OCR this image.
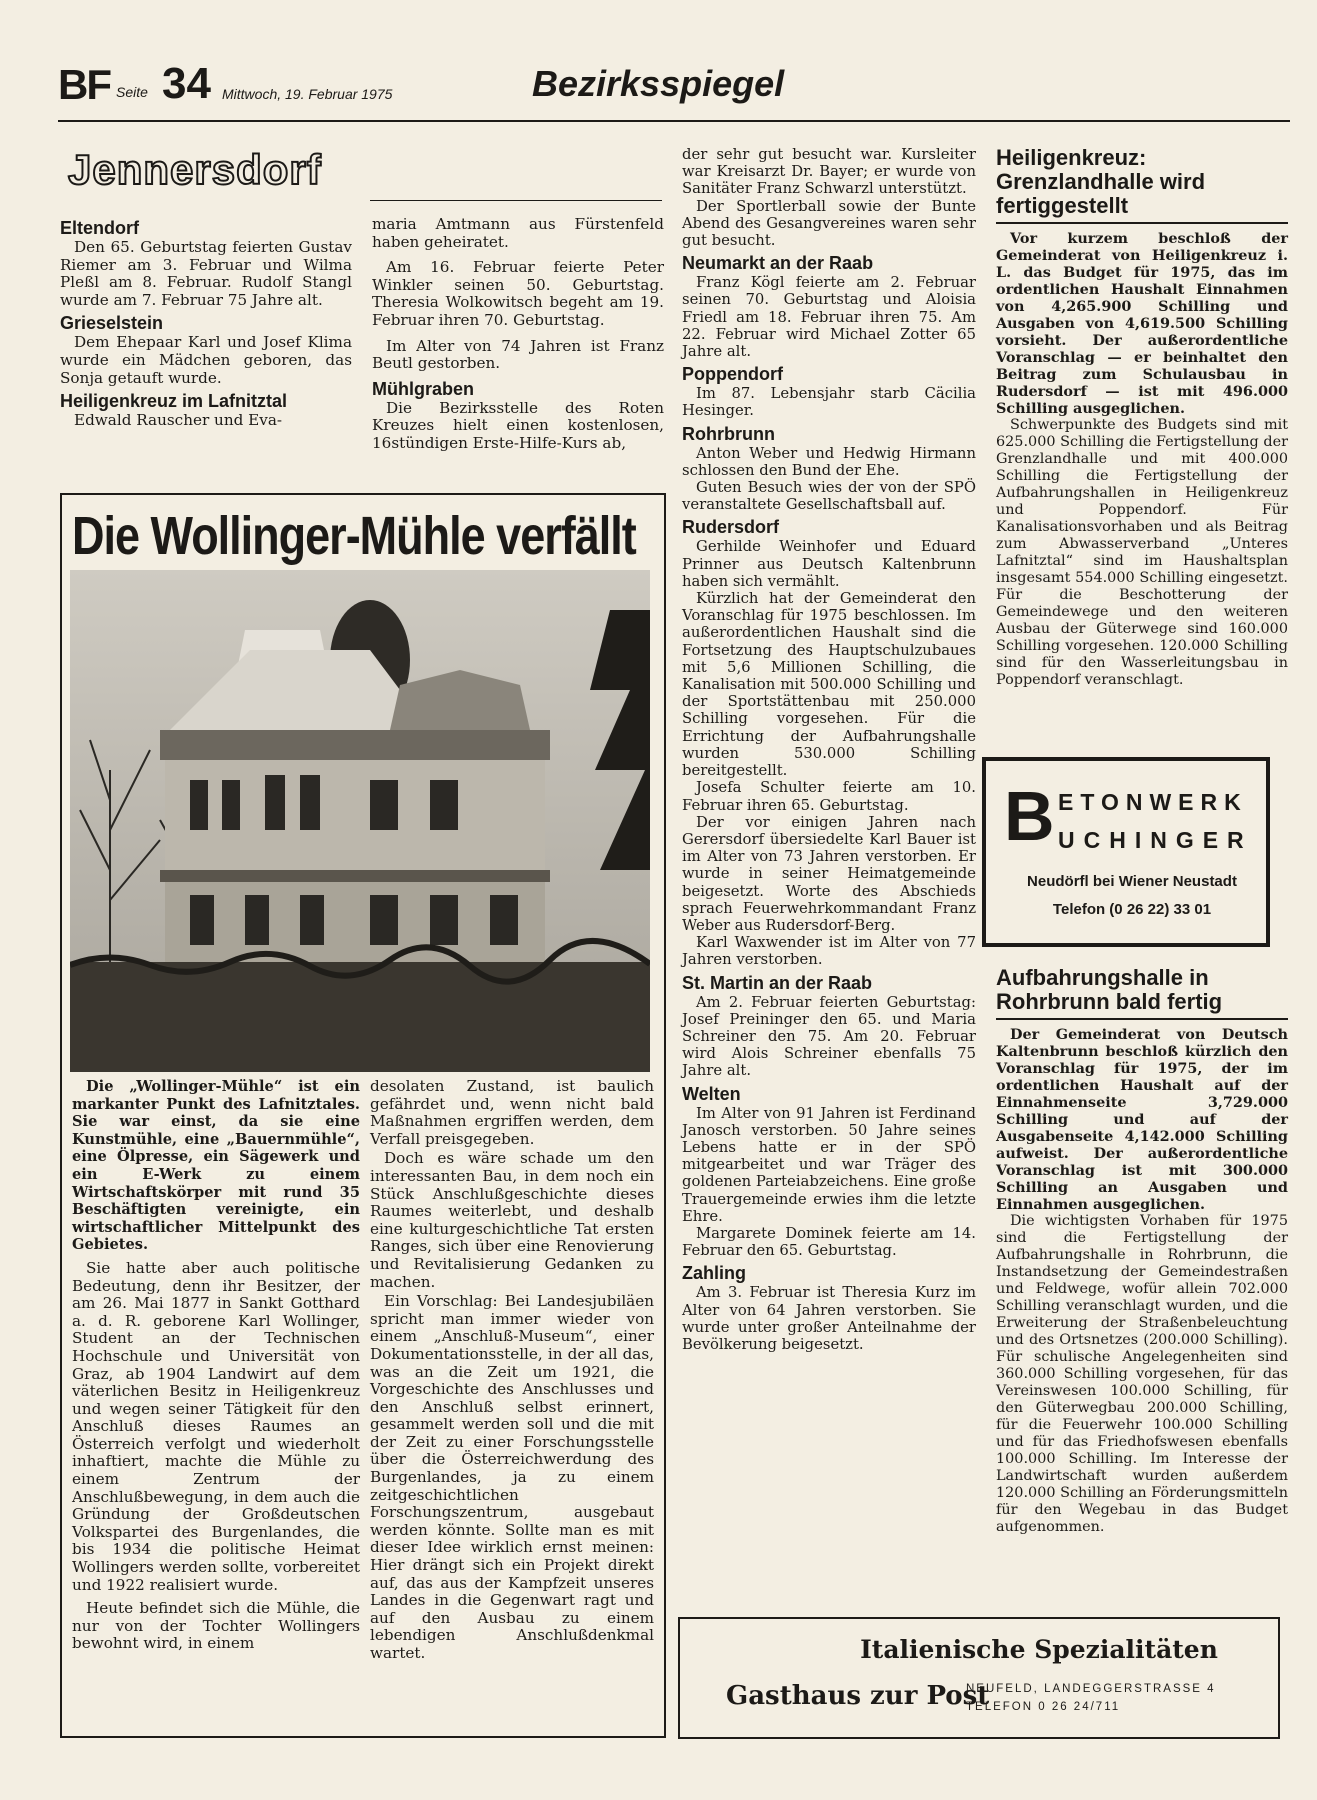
BF Seite 34 Mittwoch, 19. Februar 1975	Bezirksspiegel
Jennersdorf
Eltendorf

Den 65. Geburtstag feierten Gustav Riemer am 3. Februar und Wilma Pleßl am 8. Februar. Rudolf Stangl wurde am 7. Februar 75 Jahre alt.

Grieselstein

Dem Ehepaar Karl und Josef Klima wurde ein Mädchen geboren, das Sonja getauft wurde.

Heiligenkreuz im Lafnitztal

Edwald Rauscher und Eva-

maria Amtmann aus Fürstenfeld haben geheiratet.

Am 16. Februar feierte Peter Winkler seinen 50. Geburtstag. Theresia Wolkowitsch begeht am 19. Februar ihren 70. Geburtstag.

Im Alter von 74 Jahren ist Franz Beutl gestorben.

Mühlgraben

Die Bezirksstelle des Roten Kreuzes hielt einen kostenlosen, 16stündigen Erste-Hilfe-Kurs ab,

Die Wollinger-Mühle verfällt

Die „Wollinger-Mühle“ ist ein markanter Punkt des Lafnitztales. Sie war einst, da sie eine Kunstmühle, eine „Bauernmühle“, eine Ölpresse, ein Sägewerk und ein E-Werk zu einem Wirtschaftskörper mit rund 35 Beschäftigten vereinigte, ein wirtschaftlicher Mittelpunkt des Gebietes.

Sie hatte aber auch politische Bedeutung, denn ihr Besitzer, der am 26. Mai 1877 in Sankt Gotthard a. d. R. geborene Karl Wollinger, Student an der Technischen Hochschule und Universität von Graz, ab 1904 Landwirt auf dem väterlichen Besitz in Heiligenkreuz und wegen seiner Tätigkeit für den Anschluß dieses Raumes an Österreich verfolgt und wiederholt inhaftiert, machte die Mühle zu einem Zentrum der Anschlußbewegung, in dem auch die Gründung der Großdeutschen Volkspartei des Burgenlandes, die bis 1934 die politische Heimat Wollingers werden sollte, vorbereitet und 1922 realisiert wurde.

Heute befindet sich die Mühle, die nur von der Tochter Wollingers bewohnt wird, in einem

desolaten Zustand, ist baulich gefährdet und, wenn nicht bald Maßnahmen ergriffen werden, dem Verfall preisgegeben.

Doch es wäre schade um den interessanten Bau, in dem noch ein Stück Anschlußgeschichte dieses Raumes weiterlebt, und deshalb eine kulturgeschichtliche Tat ersten Ranges, sich über eine Renovierung und Revitalisierung Gedanken zu machen.

Ein Vorschlag: Bei Landesjubiläen spricht man immer wieder von einem „Anschluß-Museum“, einer Dokumentationsstelle, in der all das, was an die Zeit um 1921, die Vorgeschichte des Anschlusses und den Anschluß selbst erinnert, gesammelt werden soll und die mit der Zeit zu einer Forschungsstelle über die Österreichwerdung des Burgenlandes, ja zu einem zeitgeschichtlichen Forschungszentrum, ausgebaut werden könnte. Sollte man es mit dieser Idee wirklich ernst meinen: Hier drängt sich ein Projekt direkt auf, das aus der Kampfzeit unseres Landes in die Gegenwart ragt und auf den Ausbau zu einem lebendigen Anschlußdenkmal wartet.

der sehr gut besucht war. Kursleiter war Kreisarzt Dr. Bayer; er wurde von Sanitäter Franz Schwarzl unterstützt.

Der Sportlerball sowie der Bunte Abend des Gesangvereines waren sehr gut besucht.

Neumarkt an der Raab

Franz Kögl feierte am 2. Februar seinen 70. Geburtstag und Aloisia Friedl am 18. Februar ihren 75. Am 22. Februar wird Michael Zotter 65 Jahre alt.

Poppendorf

Im 87. Lebensjahr starb Cäcilia Hesinger.

Rohrbrunn

Anton Weber und Hedwig Hirmann schlossen den Bund der Ehe.

Guten Besuch wies der von der SPÖ veranstaltete Gesellschaftsball auf.

Rudersdorf

Gerhilde Weinhofer und Eduard Prinner aus Deutsch Kaltenbrunn haben sich vermählt.

Kürzlich hat der Gemeinderat den Voranschlag für 1975 beschlossen. Im außerordentlichen Haushalt sind die Fortsetzung des Hauptschulzubaues mit 5,6 Millionen Schilling, die Kanalisation mit 500.000 Schilling und der Sportstättenbau mit 250.000 Schilling vorgesehen. Für die Errichtung der Aufbahrungshalle wurden 530.000 Schilling bereitgestellt.

Josefa Schulter feierte am 10. Februar ihren 65. Geburtstag.

Der vor einigen Jahren nach Gerersdorf übersiedelte Karl Bauer ist im Alter von 73 Jahren verstorben. Er wurde in seiner Heimatgemeinde beigesetzt. Worte des Abschieds sprach Feuerwehrkommandant Franz Weber aus Rudersdorf-Berg.

Karl Waxwender ist im Alter von 77 Jahren verstorben.

St. Martin an der Raab

Am 2. Februar feierten Geburtstag: Josef Preininger den 65. und Maria Schreiner den 75. Am 20. Februar wird Alois Schreiner ebenfalls 75 Jahre alt.

Welten

Im Alter von 91 Jahren ist Ferdinand Janosch verstorben. 50 Jahre seines Lebens hatte er in der SPÖ mitgearbeitet und war Träger des goldenen Parteiabzeichens. Eine große Trauergemeinde erwies ihm die letzte Ehre.

Margarete Dominek feierte am 14. Februar den 65. Geburtstag.

Zahling

Am 3. Februar ist Theresia Kurz im Alter von 64 Jahren verstorben. Sie wurde unter großer Anteilnahme der Bevölkerung beigesetzt.

Heiligenkreuz: Grenzlandhalle wird fertiggestellt

Vor kurzem beschloß der Gemeinderat von Heiligenkreuz i. L. das Budget für 1975, das im ordentlichen Haushalt Einnahmen von 4,265.900 Schilling und Ausgaben von 4,619.500 Schilling vorsieht. Der außerordentliche Voranschlag — er beinhaltet den Beitrag zum Schulausbau in Rudersdorf — ist mit 496.000 Schilling ausgeglichen.

Schwerpunkte des Budgets sind mit 625.000 Schilling die Fertigstellung der Grenzlandhalle und mit 400.000 Schilling die Fertigstellung der Aufbahrungshallen in Heiligenkreuz und Poppendorf. Für Kanalisationsvorhaben und als Beitrag zum Abwasserverband „Unteres Lafnitztal“ sind im Haushaltsplan insgesamt 554.000 Schilling eingesetzt. Für die Beschotterung der Gemeindewege und den weiteren Ausbau der Güterwege sind 160.000 Schilling vorgesehen. 120.000 Schilling sind für den Wasserleitungsbau in Poppendorf veranschlagt.

B ETONWERK
UCHINGER
Neudörfl bei Wiener Neustadt
Telefon (0 26 22) 33 01
Aufbahrungshalle in Rohrbrunn bald fertig

Der Gemeinderat von Deutsch Kaltenbrunn beschloß kürzlich den Voranschlag für 1975, der im ordentlichen Haushalt auf der Einnahmenseite 3,729.000 Schilling und auf der Ausgabenseite 4,142.000 Schilling aufweist. Der außerordentliche Voranschlag ist mit 300.000 Schilling an Ausgaben und Einnahmen ausgeglichen.

Die wichtigsten Vorhaben für 1975 sind die Fertigstellung der Aufbahrungshalle in Rohrbrunn, die Instandsetzung der Gemeindestraßen und Feldwege, wofür allein 702.000 Schilling veranschlagt wurden, und die Erweiterung der Straßenbeleuchtung und des Ortsnetzes (200.000 Schilling). Für schulische Angelegenheiten sind 360.000 Schilling vorgesehen, für das Vereinswesen 100.000 Schilling, für den Güterwegbau 200.000 Schilling, für die Feuerwehr 100.000 Schilling und für das Friedhofswesen ebenfalls 100.000 Schilling. Im Interesse der Landwirtschaft wurden außerdem 120.000 Schilling an Förderungsmitteln für den Wegebau in das Budget aufgenommen.

Italienische Spezialitäten
Gasthaus zur Post
NEUFELD, LANDEGGERSTRASSE 4
TELEFON 0 26 24/711
